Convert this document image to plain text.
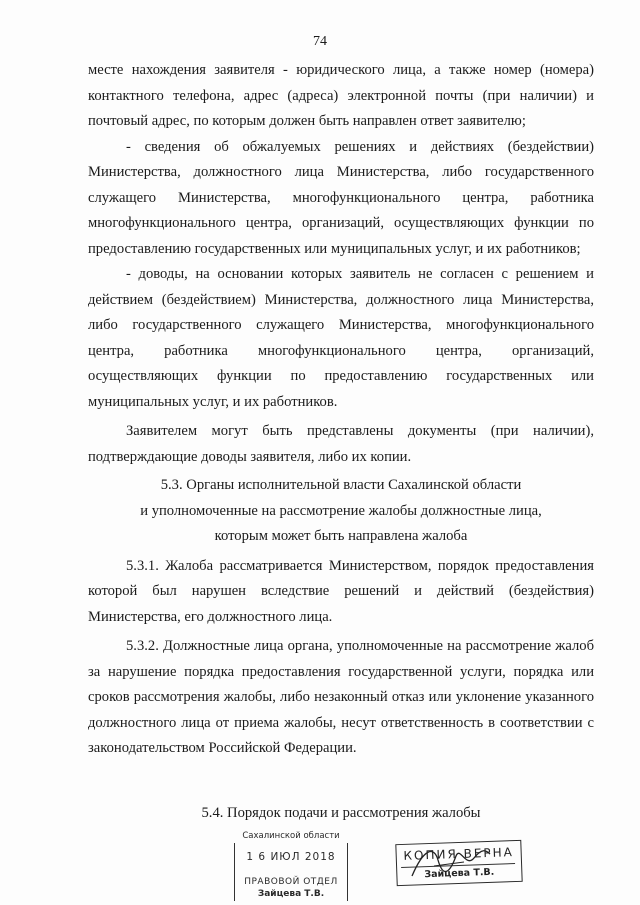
74

месте нахождения заявителя - юридического лица, а также номер (номера) контактного телефона, адрес (адреса) электронной почты (при наличии) и почтовый адрес, по которым должен быть направлен ответ заявителю;

- сведения об обжалуемых решениях и действиях (бездействии) Министерства, должностного лица Министерства, либо государственного служащего Министерства, многофункционального центра, работника многофункционального центра, организаций, осуществляющих функции по предоставлению государственных или муниципальных услуг, и их работников;

- доводы, на основании которых заявитель не согласен с решением и действием (бездействием) Министерства, должностного лица Министерства, либо государственного служащего Министерства, многофункционального центра, работника многофункционального центра, организаций, осуществляющих функции по предоставлению государственных или муниципальных услуг, и их работников.

Заявителем могут быть представлены документы (при наличии), подтверждающие доводы заявителя, либо их копии.

5.3. Органы исполнительной власти Сахалинской области
и уполномоченные на рассмотрение жалобы должностные лица,
которым может быть направлена жалоба

5.3.1. Жалоба рассматривается Министерством, порядок предоставления которой был нарушен вследствие решений и действий (бездействия) Министерства, его должностного лица.

5.3.2. Должностные лица органа, уполномоченные на рассмотрение жалоб за нарушение порядка предоставления государственной услуги, порядка или сроков рассмотрения жалобы, либо незаконный отказ или уклонение указанного должностного лица от приема жалобы, несут ответственность в соответствии с законодательством Российской Федерации.

5.4. Порядок подачи и рассмотрения жалобы
Сахалинской области
1 6 ИЮЛ 2018
ПРАВОВОЙ ОТДЕЛ
Зайцева Т.В.
КОПИЯ ВЕРНА
Зайцева Т.В.
